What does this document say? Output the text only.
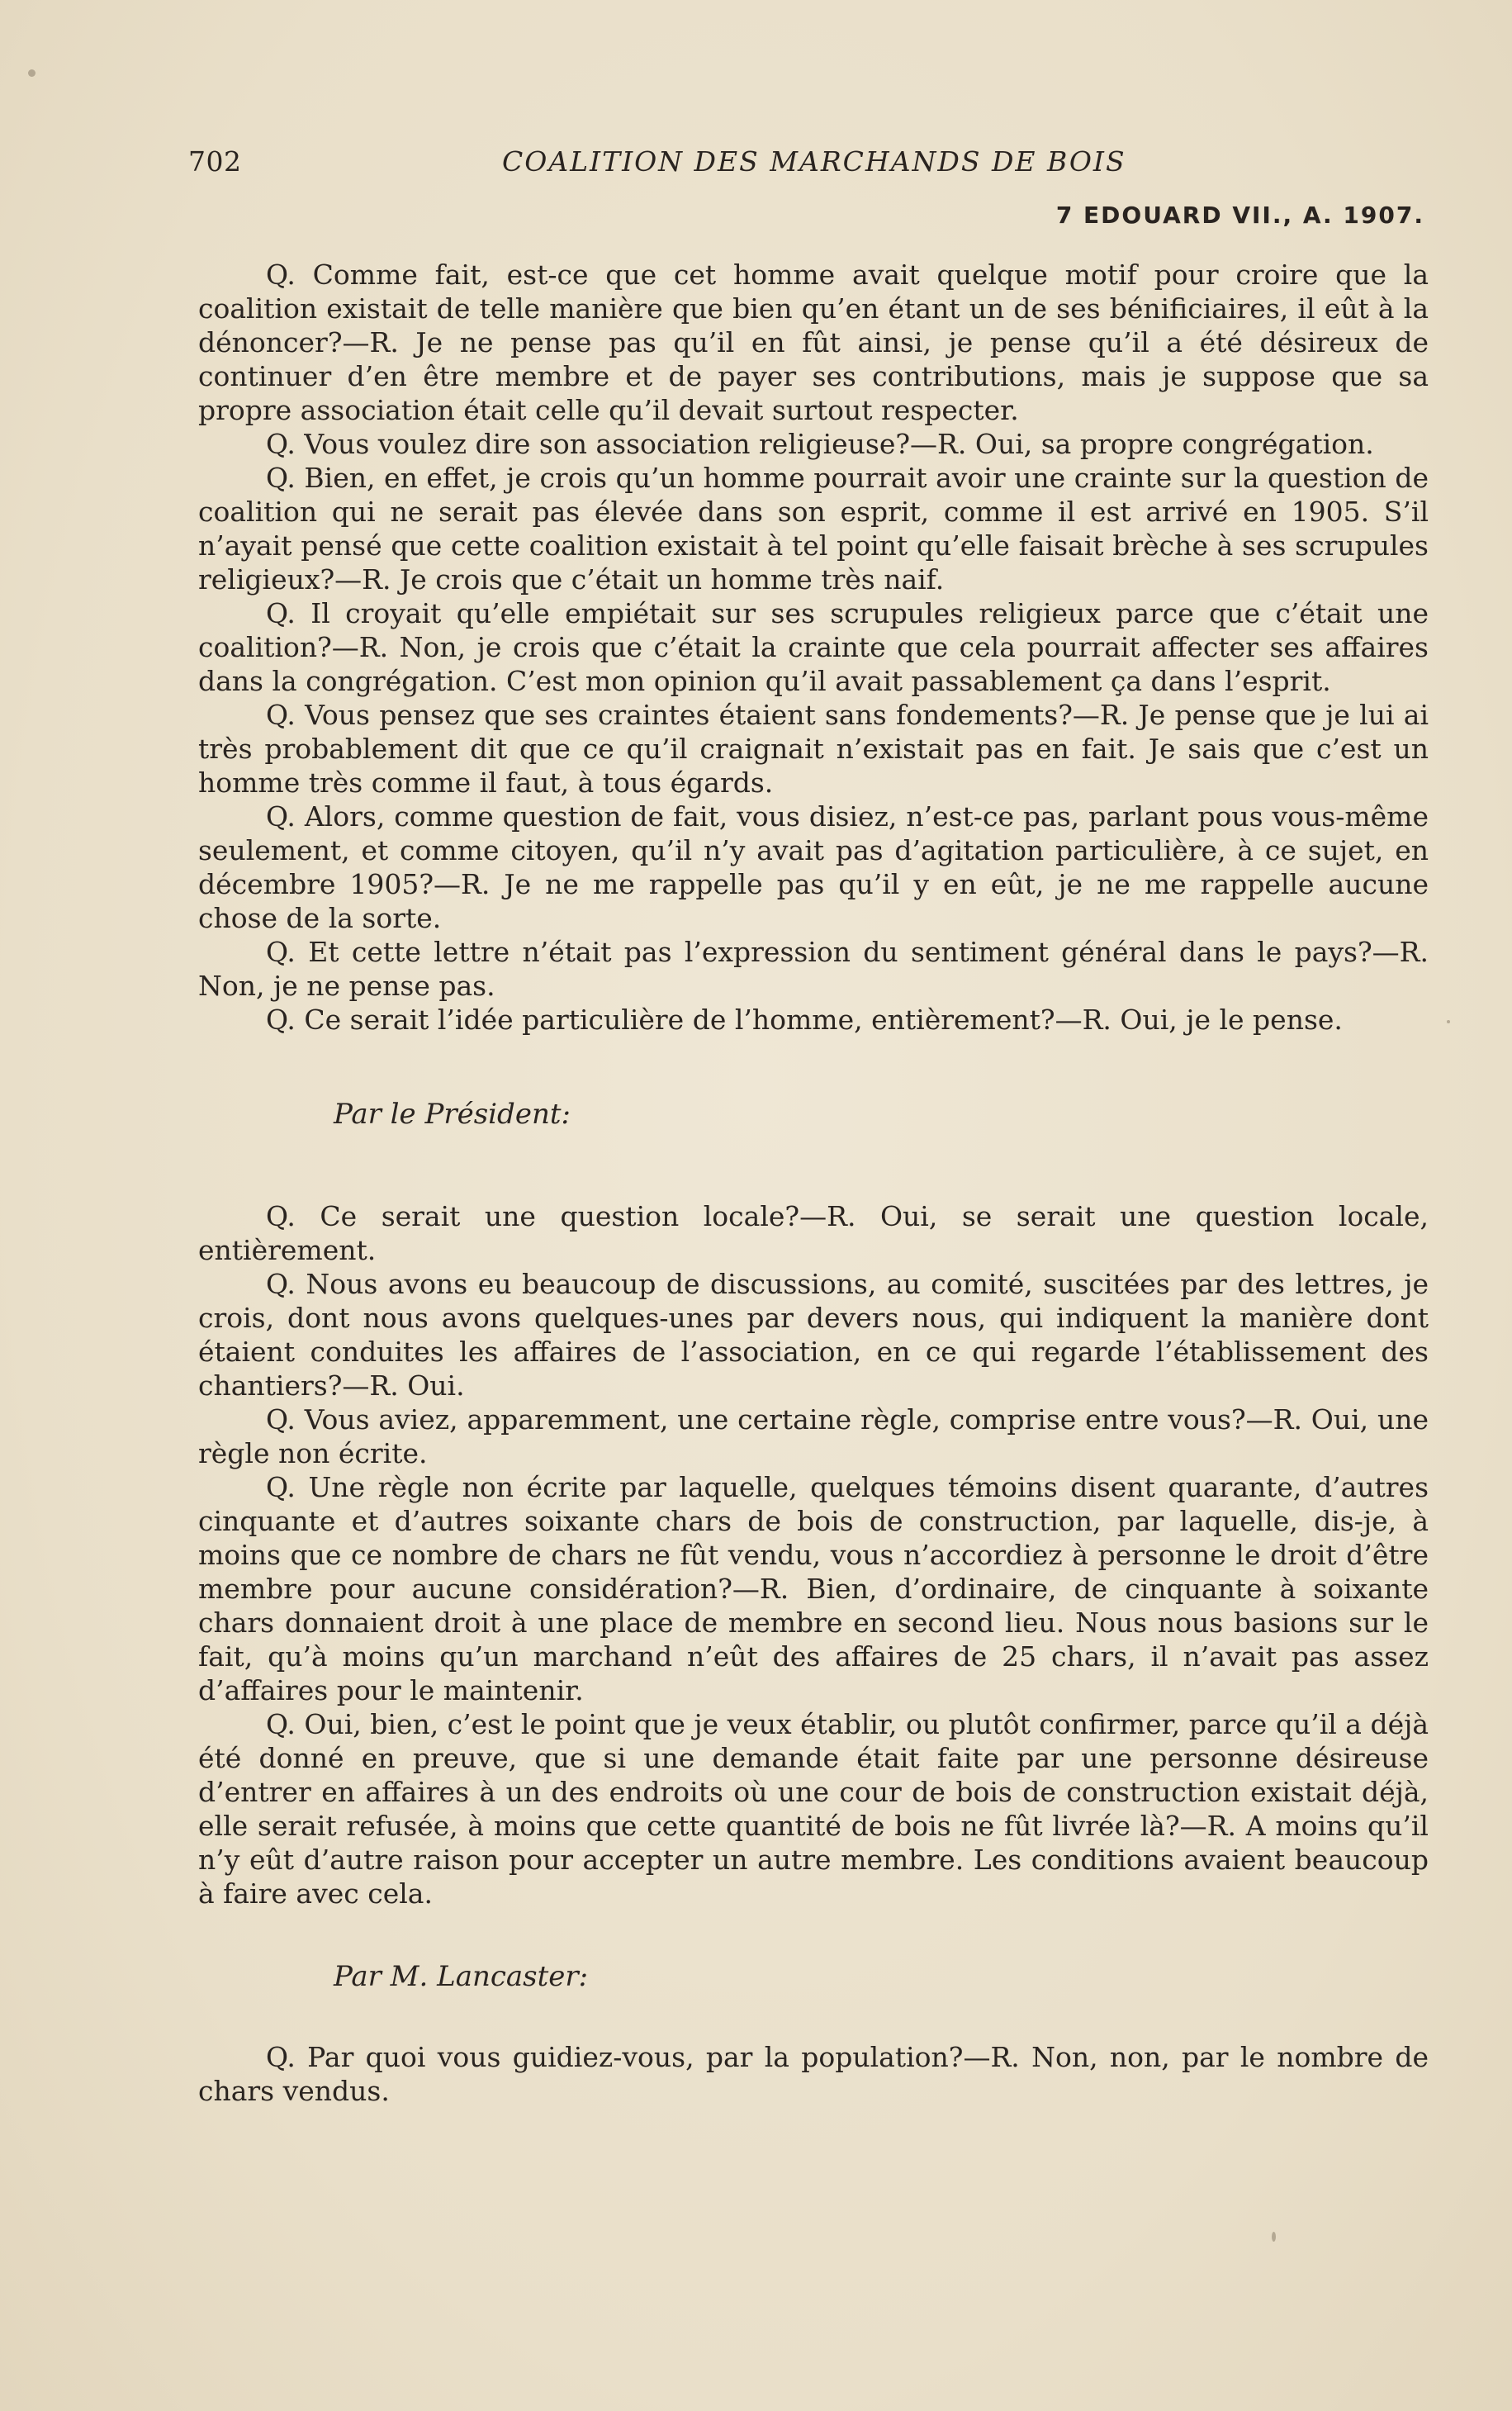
702	COALITION DES MARCHANDS DE BOIS
7 EDOUARD VII., A. 1907.

Q. Comme fait, est-ce que cet homme avait quelque motif pour croire que la coalition existait de telle manière que bien qu’en étant un de ses bénificiaires, il eût à la dénoncer?—R. Je ne pense pas qu’il en fût ainsi, je pense qu’il a été désireux de continuer d’en être membre et de payer ses contributions, mais je suppose que sa propre association était celle qu’il devait surtout respecter.

Q. Vous voulez dire son association religieuse?—R. Oui, sa propre congrégation.

Q. Bien, en effet, je crois qu’un homme pourrait avoir une crainte sur la question de coalition qui ne serait pas élevée dans son esprit, comme il est arrivé en 1905. S’il n’ayait pensé que cette coalition existait à tel point qu’elle faisait brèche à ses scrupules religieux?—R. Je crois que c’était un homme très naif.

Q. Il croyait qu’elle empiétait sur ses scrupules religieux parce que c’était une coalition?—R. Non, je crois que c’était la crainte que cela pourrait affecter ses affaires dans la congrégation. C’est mon opinion qu’il avait passablement ça dans l’esprit.

Q. Vous pensez que ses craintes étaient sans fondements?—R. Je pense que je lui ai très probablement dit que ce qu’il craignait n’existait pas en fait. Je sais que c’est un homme très comme il faut, à tous égards.

Q. Alors, comme question de fait, vous disiez, n’est-ce pas, parlant pous vous-même seulement, et comme citoyen, qu’il n’y avait pas d’agitation particulière, à ce sujet, en décembre 1905?—R. Je ne me rappelle pas qu’il y en eût, je ne me rappelle aucune chose de la sorte.

Q. Et cette lettre n’était pas l’expression du sentiment général dans le pays?—R. Non, je ne pense pas.

Q. Ce serait l’idée particulière de l’homme, entièrement?—R. Oui, je le pense.

Par le Président:

Q. Ce serait une question locale?—R. Oui, se serait une question locale, entièrement.

Q. Nous avons eu beaucoup de discussions, au comité, suscitées par des lettres, je crois, dont nous avons quelques-unes par devers nous, qui indiquent la manière dont étaient conduites les affaires de l’association, en ce qui regarde l’établissement des chantiers?—R. Oui.

Q. Vous aviez, apparemment, une certaine règle, comprise entre vous?—R. Oui, une règle non écrite.

Q. Une règle non écrite par laquelle, quelques témoins disent quarante, d’autres cinquante et d’autres soixante chars de bois de construction, par laquelle, dis-je, à moins que ce nombre de chars ne fût vendu, vous n’accordiez à personne le droit d’être membre pour aucune considération?—R. Bien, d’ordinaire, de cinquante à soixante chars donnaient droit à une place de membre en second lieu. Nous nous basions sur le fait, qu’à moins qu’un marchand n’eût des affaires de 25 chars, il n’avait pas assez d’affaires pour le maintenir.

Q. Oui, bien, c’est le point que je veux établir, ou plutôt confirmer, parce qu’il a déjà été donné en preuve, que si une demande était faite par une personne désireuse d’entrer en affaires à un des endroits où une cour de bois de construction existait déjà, elle serait refusée, à moins que cette quantité de bois ne fût livrée là?—R. A moins qu’il n’y eût d’autre raison pour accepter un autre membre. Les conditions avaient beaucoup à faire avec cela.

Par M. Lancaster:

Q. Par quoi vous guidiez-vous, par la population?—R. Non, non, par le nombre de chars vendus.
